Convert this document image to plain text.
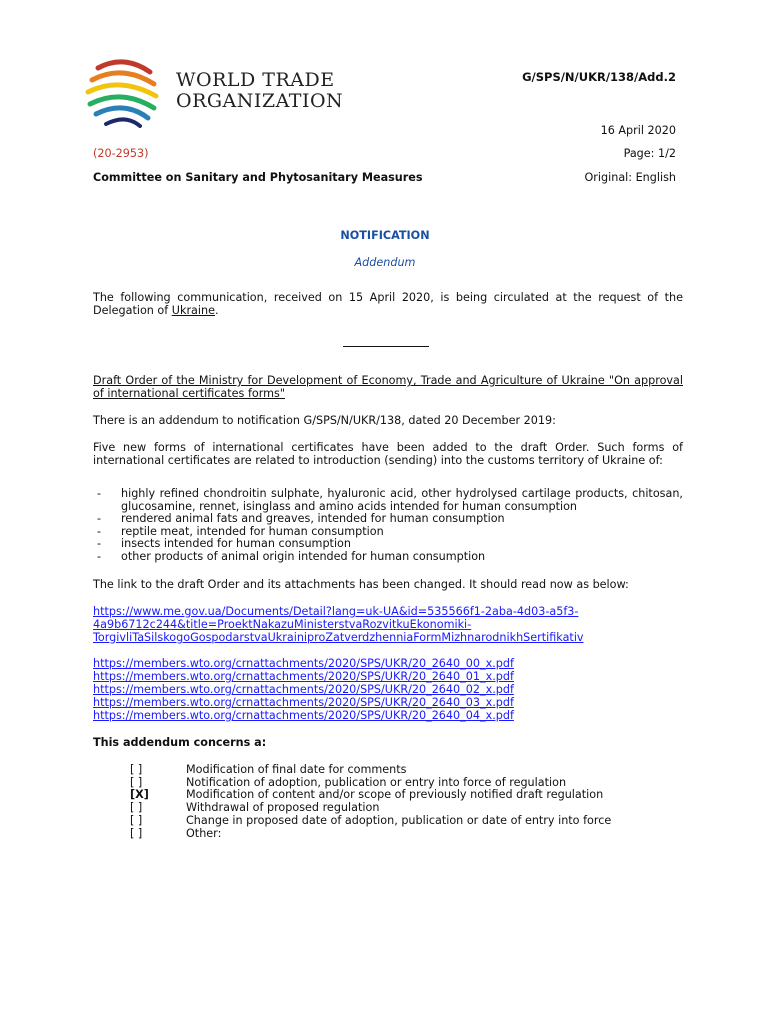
WORLD TRADE
ORGANIZATION
G/SPS/N/UKR/138/Add.2
16 April 2020
(20-2953)	Page: 1/2
Committee on Sanitary and Phytosanitary Measures	Original: English
NOTIFICATION
Addendum

The following communication, received on 15 April 2020, is being circulated at the request of the Delegation of Ukraine.

Draft Order of the Ministry for Development of Economy, Trade and Agriculture of Ukraine "On approval of international certificates forms"

There is an addendum to notification G/SPS/N/UKR/138, dated 20 December 2019:

Five new forms of international certificates have been added to the draft Order. Such forms of international certificates are related to introduction (sending) into the customs territory of Ukraine of:

- highly refined chondroitin sulphate, hyaluronic acid, other hydrolysed cartilage products, chitosan, glucosamine, rennet, isinglass and amino acids intended for human consumption
- rendered animal fats and greaves, intended for human consumption
- reptile meat, intended for human consumption
- insects intended for human consumption
- other products of animal origin intended for human consumption

The link to the draft Order and its attachments has been changed. It should read now as below:

https://www.me.gov.ua/Documents/Detail?lang=uk-UA&id=535566f1-2aba-4d03-a5f3-
4a9b6712c244&title=ProektNakazuMinisterstvaRozvitkuEkonomiki-
TorgivliTaSilskogoGospodarstvaUkrainiproZatverdzhenniaFormMizhnarodnikhSertifikativ
https://members.wto.org/crnattachments/2020/SPS/UKR/20_2640_00_x.pdf
https://members.wto.org/crnattachments/2020/SPS/UKR/20_2640_01_x.pdf
https://members.wto.org/crnattachments/2020/SPS/UKR/20_2640_02_x.pdf
https://members.wto.org/crnattachments/2020/SPS/UKR/20_2640_03_x.pdf
https://members.wto.org/crnattachments/2020/SPS/UKR/20_2640_04_x.pdf
This addendum concerns a:
[ ]	Modification of final date for comments
[ ]	Notification of adoption, publication or entry into force of regulation
[X]	Modification of content and/or scope of previously notified draft regulation
[ ]	Withdrawal of proposed regulation
[ ]	Change in proposed date of adoption, publication or date of entry into force
[ ]	Other:
